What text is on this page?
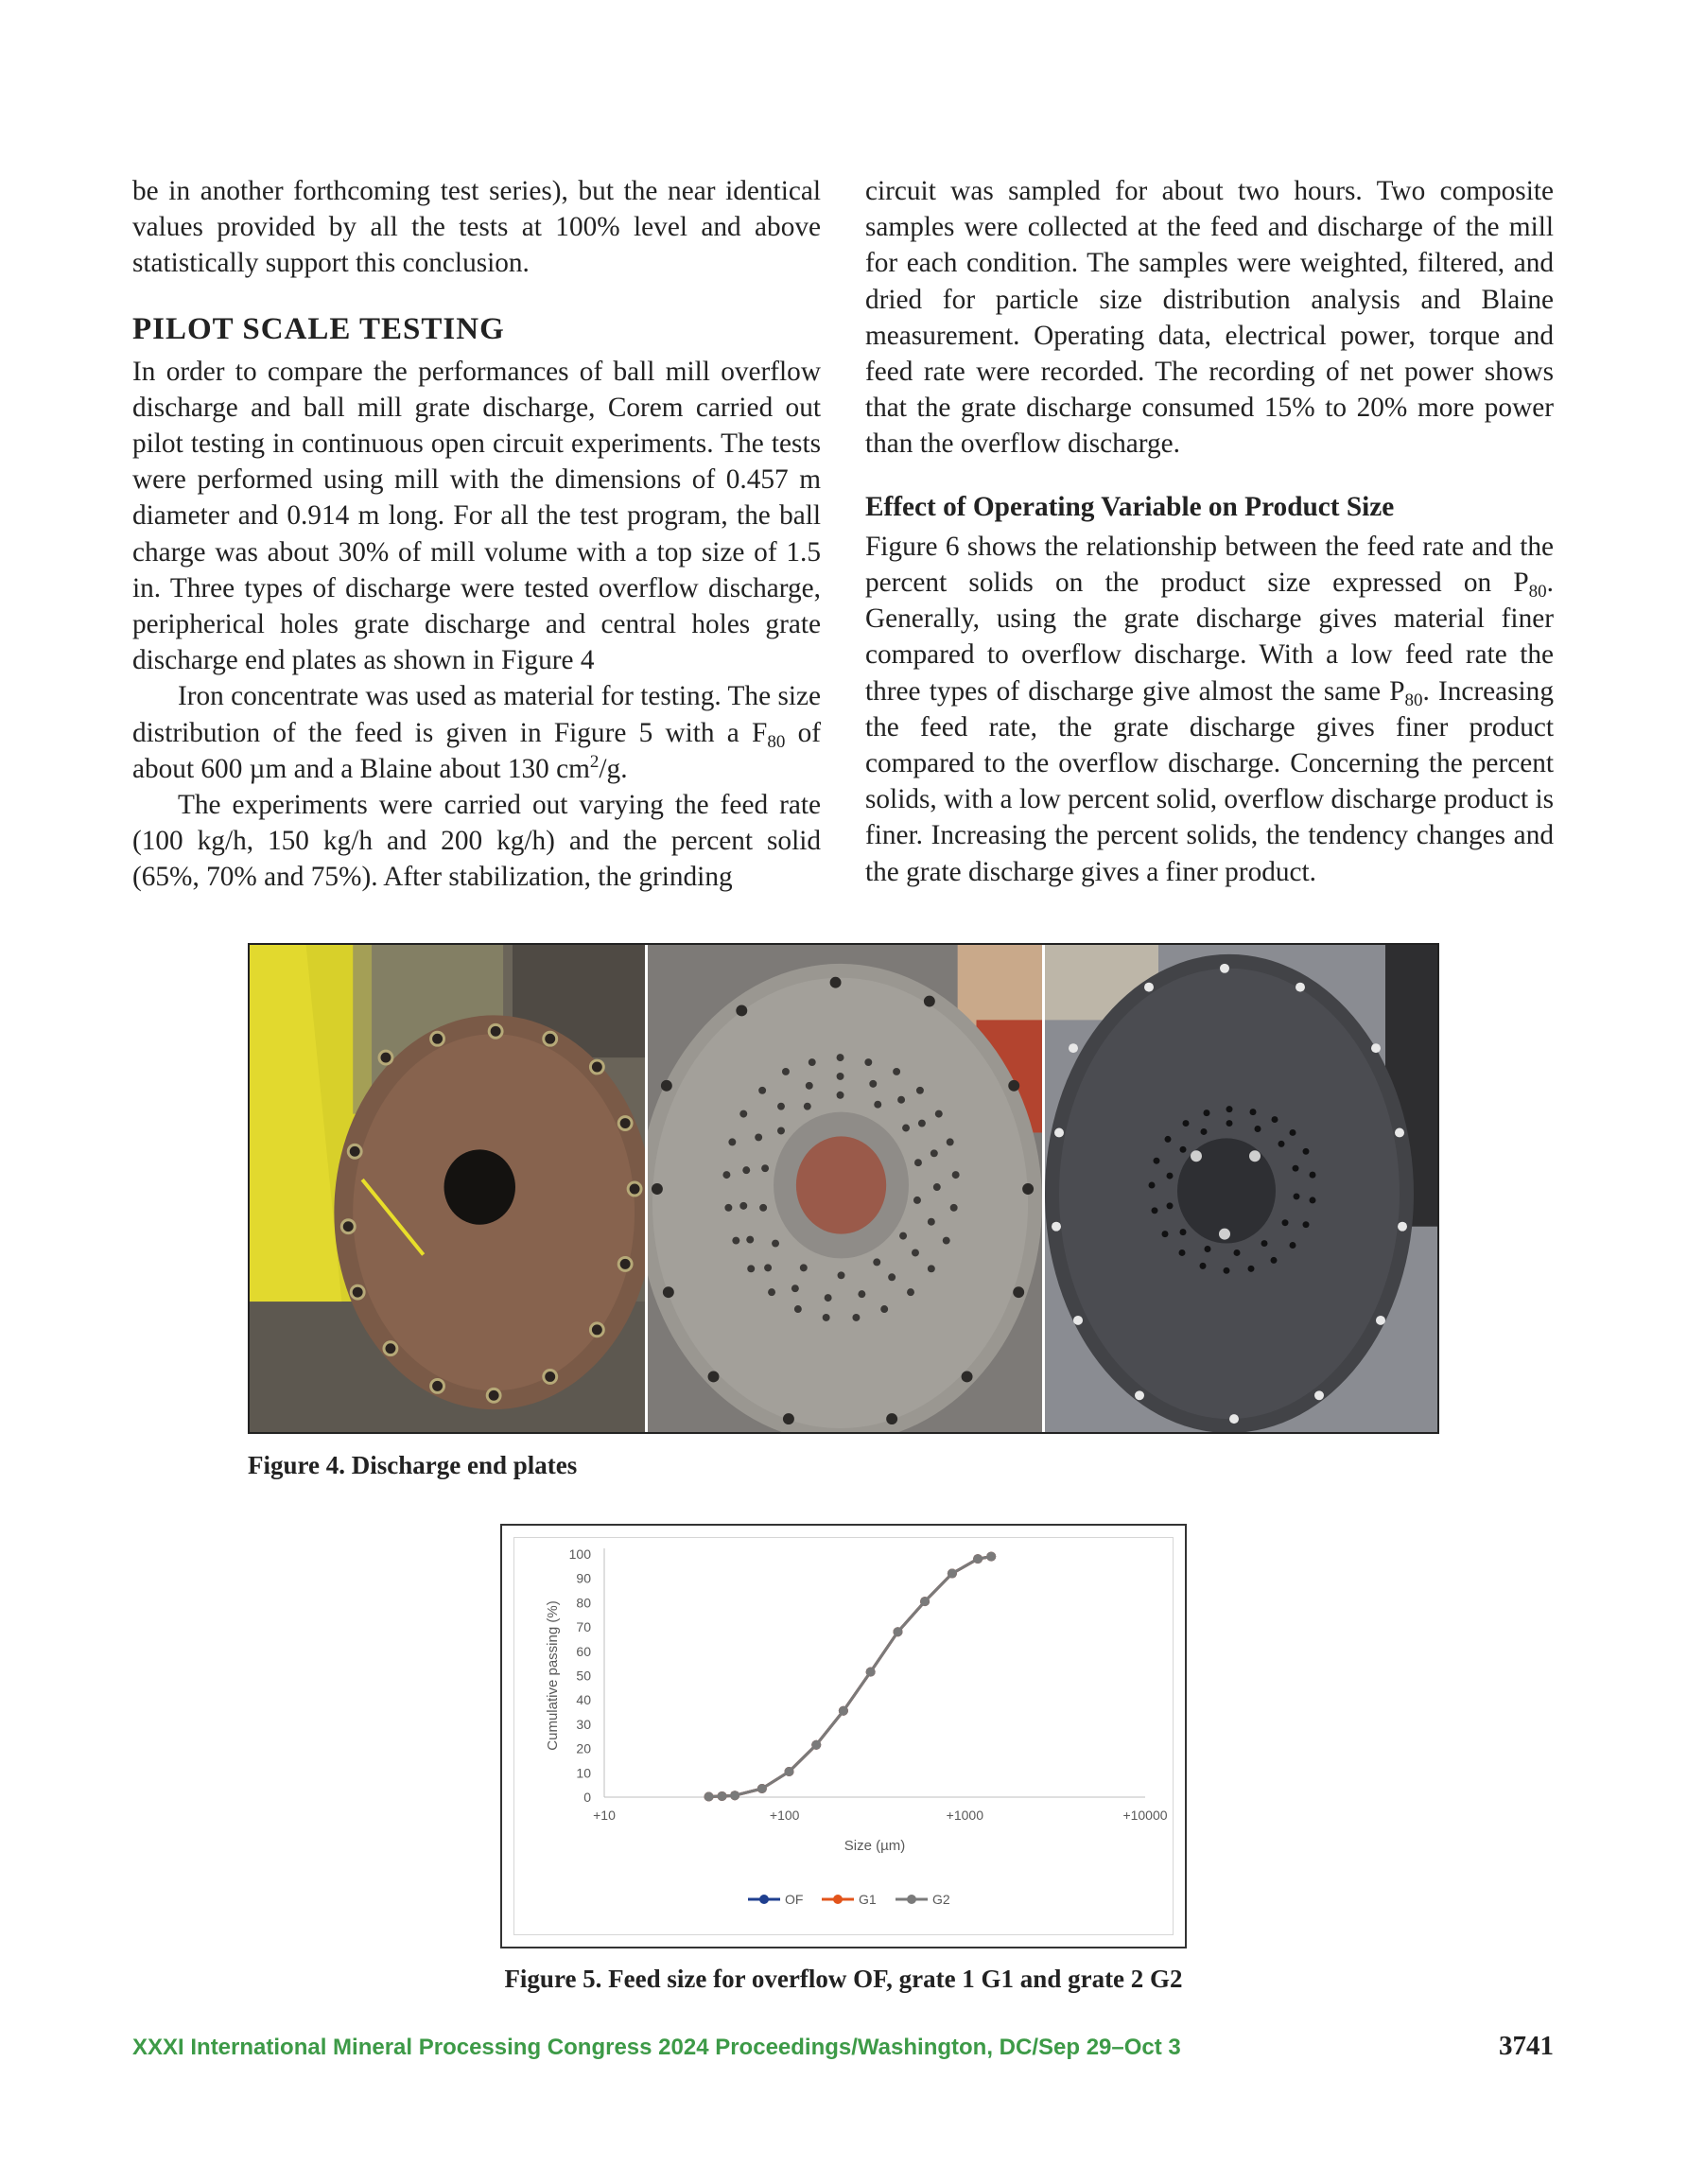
be in another forthcoming test series), but the near identical values provided by all the tests at 100% level and above statistically support this conclusion.

PILOT SCALE TESTING

In order to compare the performances of ball mill overflow discharge and ball mill grate discharge, Corem carried out pilot testing in continuous open circuit experiments. The tests were performed using mill with the dimensions of 0.457 m diameter and 0.914 m long. For all the test program, the ball charge was about 30% of mill volume with a top size of 1.5 in. Three types of discharge were tested overflow discharge, peripherical holes grate discharge and central holes grate discharge end plates as shown in Figure 4

Iron concentrate was used as material for testing. The size distribution of the feed is given in Figure 5 with a $F_{80}$ of about 600 µm and a Blaine about 130 $cm^2/g$.

The experiments were carried out varying the feed rate (100 kg/h, 150 kg/h and 200 kg/h) and the percent solid (65%, 70% and 75%). After stabilization, the grinding

circuit was sampled for about two hours. Two composite samples were collected at the feed and discharge of the mill for each condition. The samples were weighted, filtered, and dried for particle size distribution analysis and Blaine measurement. Operating data, electrical power, torque and feed rate were recorded. The recording of net power shows that the grate discharge consumed 15% to 20% more power than the overflow discharge.

Effect of Operating Variable on Product Size

Figure 6 shows the relationship between the feed rate and the percent solids on the product size expressed on $P_{80}$. Generally, using the grate discharge gives material finer compared to overflow discharge. With a low feed rate the three types of discharge give almost the same $P_{80}$. Increasing the feed rate, the grate discharge gives finer product compared to the overflow discharge. Concerning the percent solids, with a low percent solid, overflow discharge product is finer. Increasing the percent solids, the tendency changes and the grate discharge gives a finer product.

Figure 4. Discharge end plates
0
10
20
30
40
50
60
70
80
90
100
+10	+100	+1000	+10000
Size (µm)
Cumulative passing (%)
OF	G1	G2
Figure 5. Feed size for overflow OF, grate 1 G1 and grate 2 G2
XXXI International Mineral Processing Congress 2024 Proceedings/Washington, DC/Sep 29–Oct 3	3741
